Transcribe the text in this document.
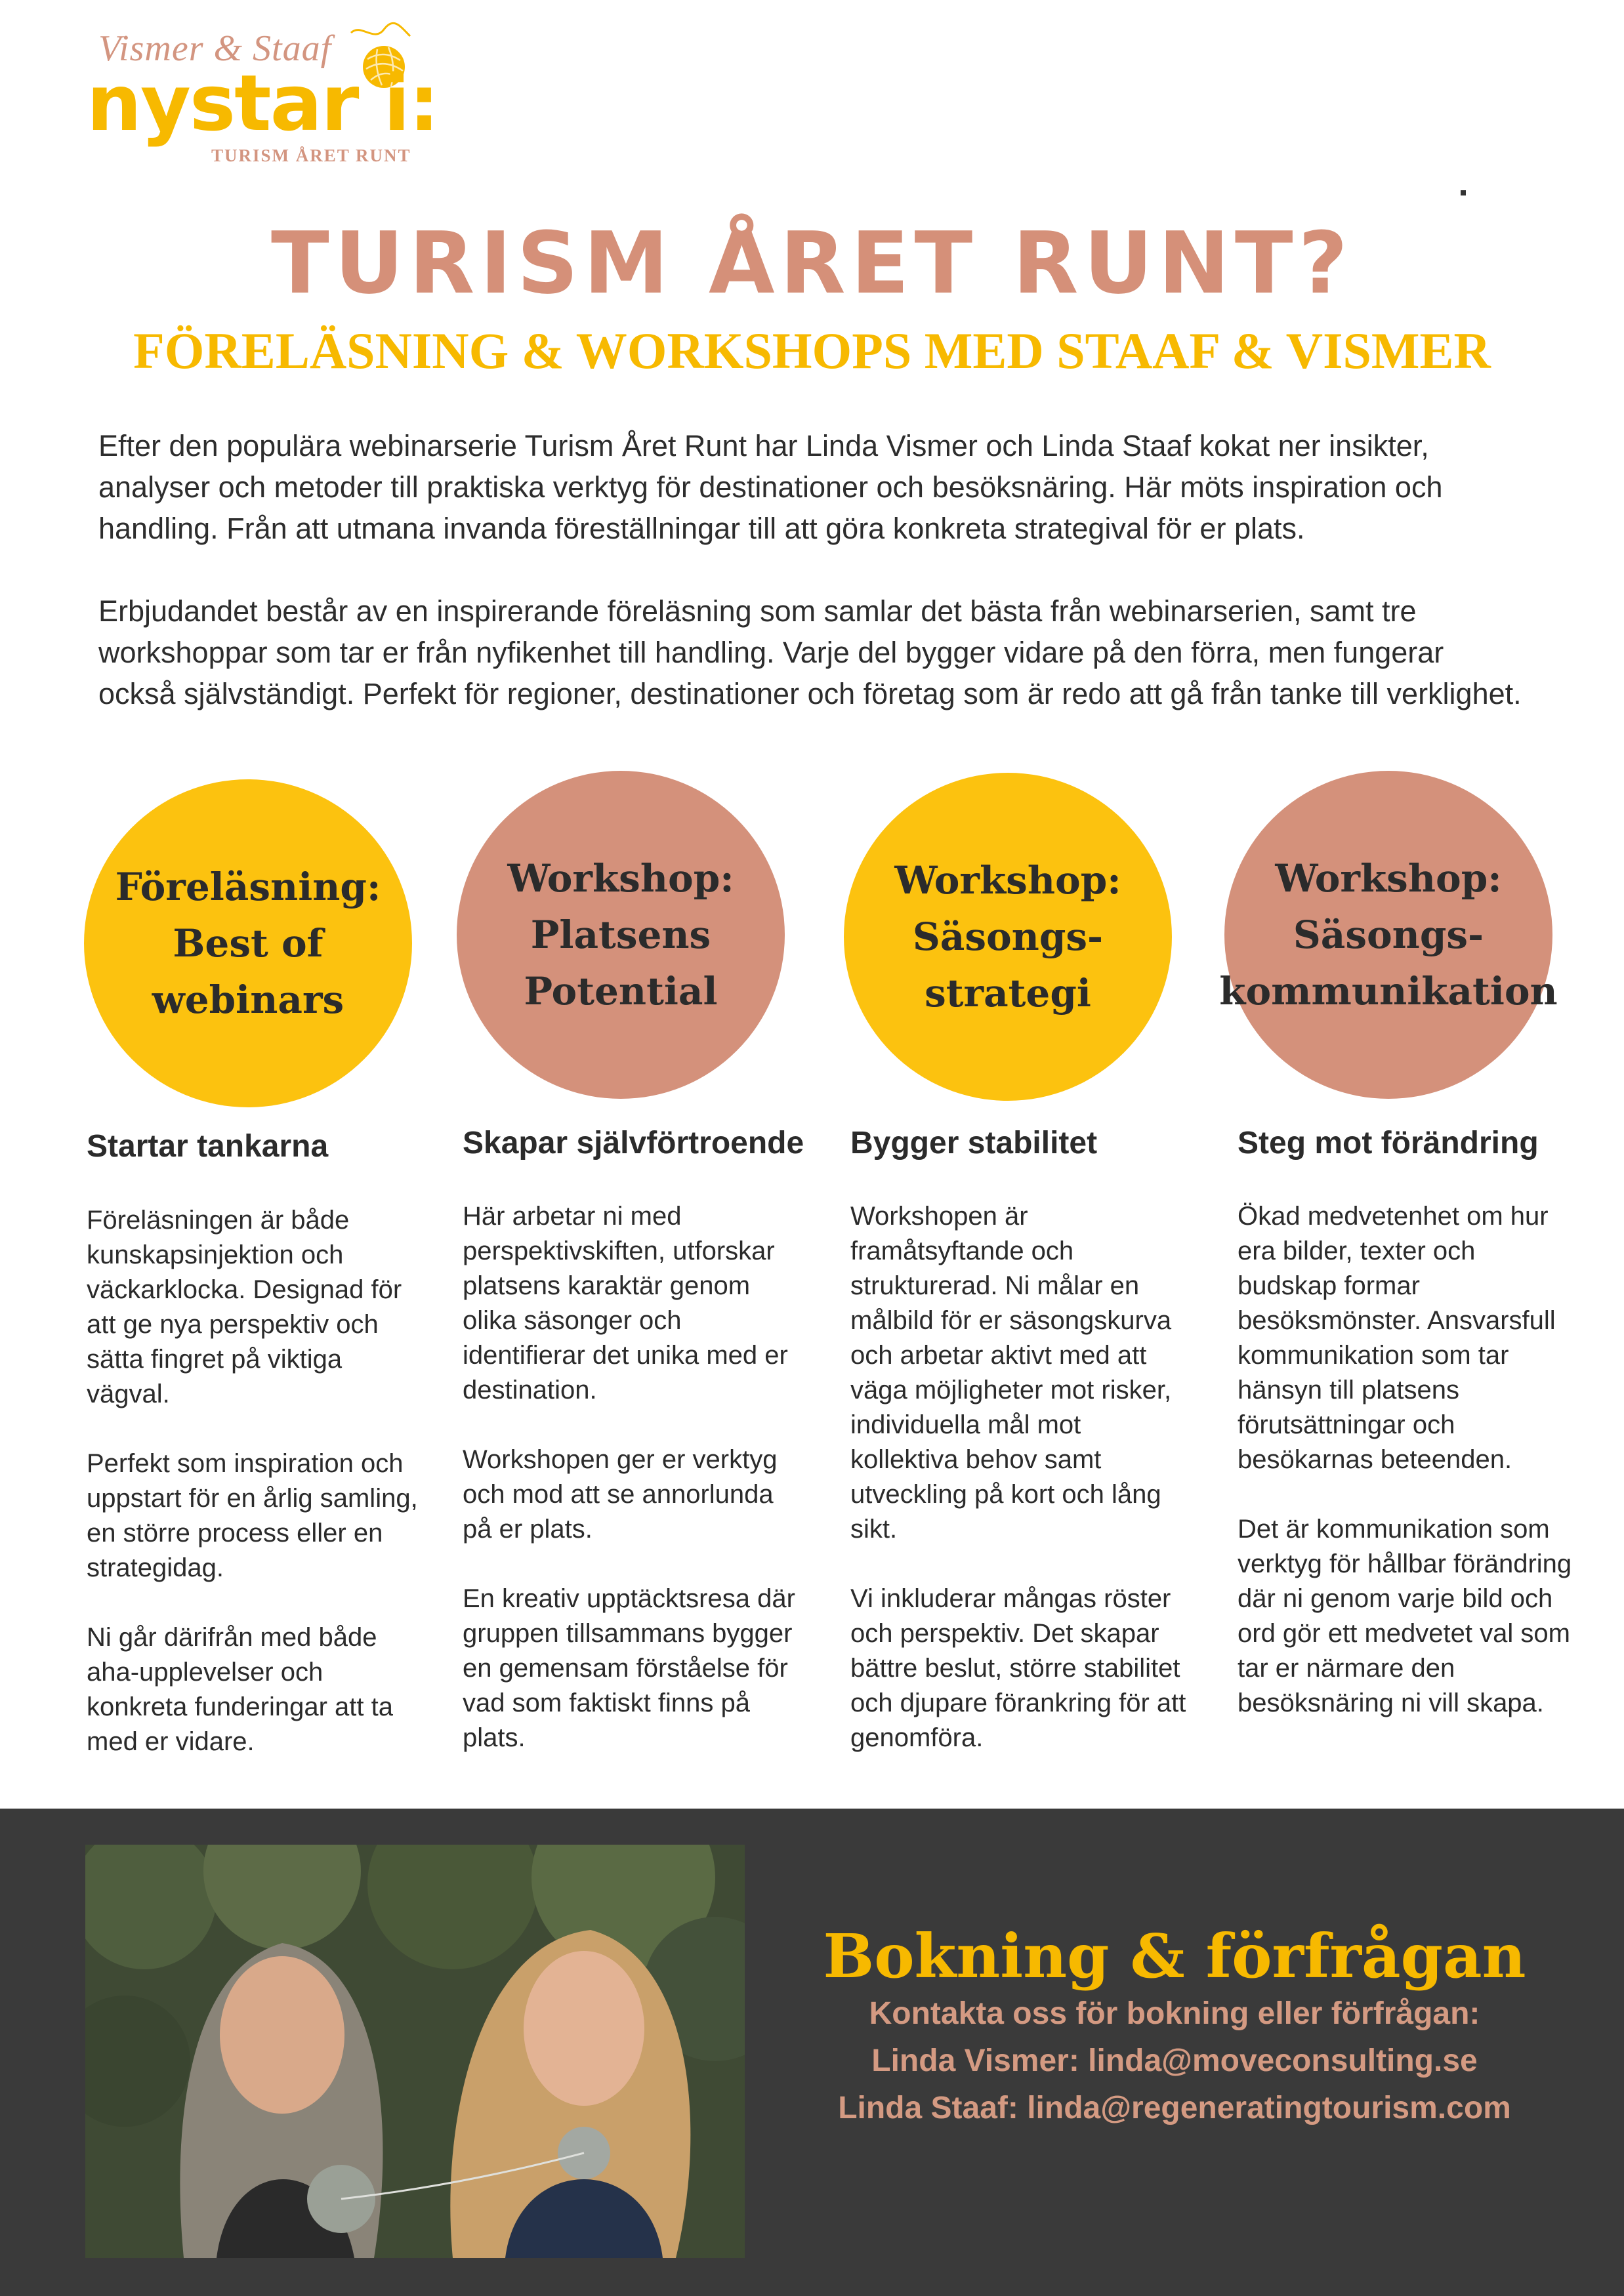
Vismer & Staaf
nystar i:
TURISM ÅRET RUNT
TURISM ÅRET RUNT?
FÖRELÄSNING & WORKSHOPS MED STAAF & VISMER

Efter den populära webinarserie Turism Året Runt har Linda Vismer och Linda Staaf kokat ner insikter, analyser och metoder till praktiska verktyg för destinationer och besöksnäring. Här möts inspiration och handling. Från att utmana invanda föreställningar till att göra konkreta strategival för er plats.

Erbjudandet består av en inspirerande föreläsning som samlar det bästa från webinarserien, samt tre workshoppar som tar er från nyfikenhet till handling. Varje del bygger vidare på den förra, men fungerar också självständigt. Perfekt för regioner, destinationer och företag som är redo att gå från tanke till verklighet.

Föreläsning:
Best of
webinars
Workshop:
Platsens
Potential
Workshop:
Säsongs-
strategi
Workshop:
Säsongs-
kommunikation
Startar tankarna	Skapar självförtroende Bygger stabilitet	Steg mot förändring

Föreläsningen är både kunskapsinjektion och väckarklocka. Designad för att ge nya perspektiv och sätta fingret på viktiga vägval.

Perfekt som inspiration och uppstart för en årlig samling, en större process eller en strategidag.

Ni går därifrån med både aha-upplevelser och konkreta funderingar att ta med er vidare.

Här arbetar ni med perspektivskiften, utforskar platsens karaktär genom olika säsonger och identifierar det unika med er destination.

Workshopen ger er verktyg och mod att se annorlunda på er plats.

En kreativ upptäcktsresa där gruppen tillsammans bygger en gemensam förståelse för vad som faktiskt finns på plats.

Workshopen är framåtsyftande och strukturerad. Ni målar en målbild för er säsongskurva och arbetar aktivt med att väga möjligheter mot risker, individuella mål mot kollektiva behov samt utveckling på kort och lång sikt.

Vi inkluderar mångas röster och perspektiv. Det skapar bättre beslut, större stabilitet och djupare förankring för att genomföra.

Ökad medvetenhet om hur era bilder, texter och budskap formar besöksmönster. Ansvarsfull kommunikation som tar hänsyn till platsens förutsättningar och besökarnas beteenden.

Det är kommunikation som verktyg för hållbar förändring där ni genom varje bild och ord gör ett medvetet val som tar er närmare den besöksnäring ni vill skapa.

Bokning & förfrågan
Kontakta oss för bokning eller förfrågan:
Linda Vismer: linda@moveconsulting.se
Linda Staaf: linda@regeneratingtourism.com
